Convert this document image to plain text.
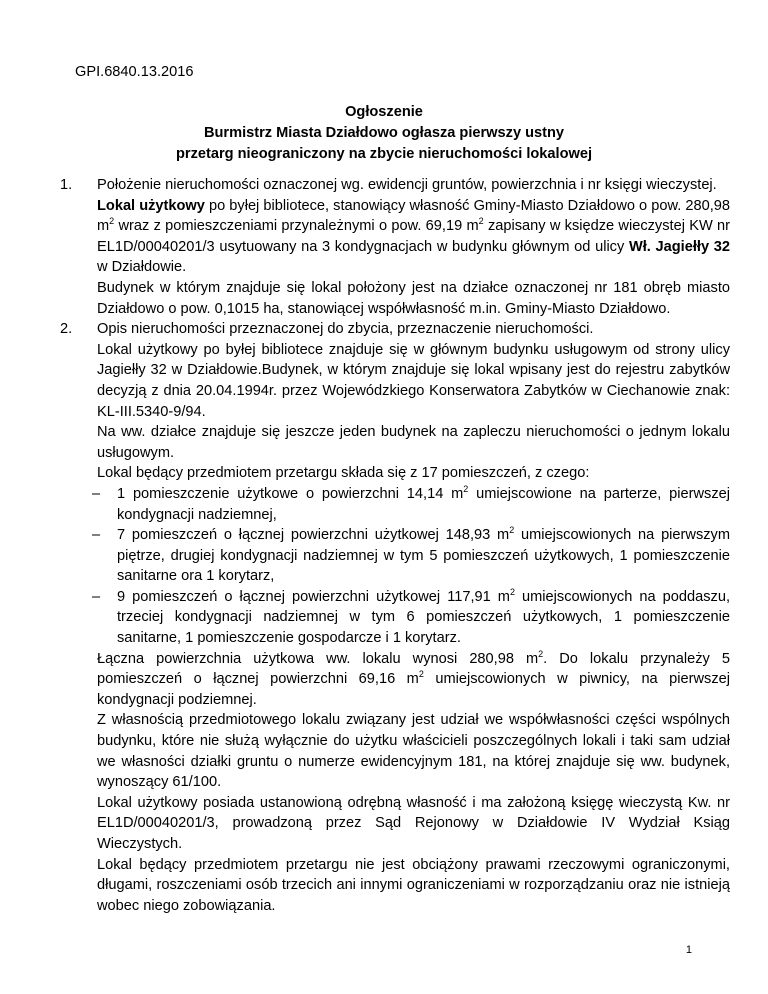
GPI.6840.13.2016

Ogłoszenie
Burmistrz Miasta Działdowo ogłasza pierwszy ustny
przetarg nieograniczony na zbycie nieruchomości lokalowej
1. Położenie nieruchomości oznaczonej wg. ewidencji gruntów, powierzchnia i nr księgi wieczystej.

Lokal użytkowy po byłej bibliotece, stanowiący własność Gminy-Miasto Działdowo o pow. 280,98 $m^2$ wraz z pomieszczeniami przynależnymi o pow. 69,19 $m^2$ zapisany w księdze wieczystej KW nr EL1D/00040201/3 usytuowany na 3 kondygnacjach w budynku głównym od ulicy Wł. Jagiełły 32 w Działdowie.

Budynek w którym znajduje się lokal położony jest na działce oznaczonej nr 181 obręb miasto Działdowo o pow. 0,1015 ha, stanowiącej współwłasność m.in. Gminy-Miasto Działdowo.

2. Opis nieruchomości przeznaczonej do zbycia, przeznaczenie nieruchomości.

Lokal użytkowy po byłej bibliotece znajduje się w głównym budynku usługowym od strony ulicy Jagiełły 32 w Działdowie.Budynek, w którym znajduje się lokal wpisany jest do rejestru zabytków decyzją z dnia 20.04.1994r. przez Wojewódzkiego Konserwatora Zabytków w Ciechanowie znak: KL-III.5340-9/94.

Na ww. działce znajduje się jeszcze jeden budynek na zapleczu nieruchomości o jednym lokalu usługowym.

Lokal będący przedmiotem przetargu składa się z 17 pomieszczeń, z czego:

– 1 pomieszczenie użytkowe o powierzchni 14,14 $m^2$ umiejscowione na parterze, pierwszej kondygnacji nadziemnej,
– 7 pomieszczeń o łącznej powierzchni użytkowej 148,93 $m^2$ umiejscowionych na pierwszym piętrze, drugiej kondygnacji nadziemnej w tym 5 pomieszczeń użytkowych, 1 pomieszczenie sanitarne ora 1 korytarz,
– 9 pomieszczeń o łącznej powierzchni użytkowej 117,91 $m^2$ umiejscowionych na poddaszu, trzeciej kondygnacji nadziemnej w tym 6 pomieszczeń użytkowych, 1 pomieszczenie sanitarne, 1 pomieszczenie gospodarcze i 1 korytarz.

Łączna powierzchnia użytkowa ww. lokalu wynosi 280,98 $m^2$. Do lokalu przynależy 5 pomieszczeń o łącznej powierzchni 69,16 $m^2$ umiejscowionych w piwnicy, na pierwszej kondygnacji podziemnej.

Z własnością przedmiotowego lokalu związany jest udział we współwłasności części wspólnych budynku, które nie służą wyłącznie do użytku właścicieli poszczególnych lokali i taki sam udział we własności działki gruntu o numerze ewidencyjnym 181, na której znajduje się ww. budynek, wynoszący 61/100.

Lokal użytkowy posiada ustanowioną odrębną własność i ma założoną księgę wieczystą Kw. nr EL1D/00040201/3, prowadzoną przez Sąd Rejonowy w Działdowie IV Wydział Ksiąg Wieczystych.

Lokal będący przedmiotem przetargu nie jest obciążony prawami rzeczowymi ograniczonymi, długami, roszczeniami osób trzecich ani innymi ograniczeniami w rozporządzaniu oraz nie istnieją wobec niego zobowiązania.

1
